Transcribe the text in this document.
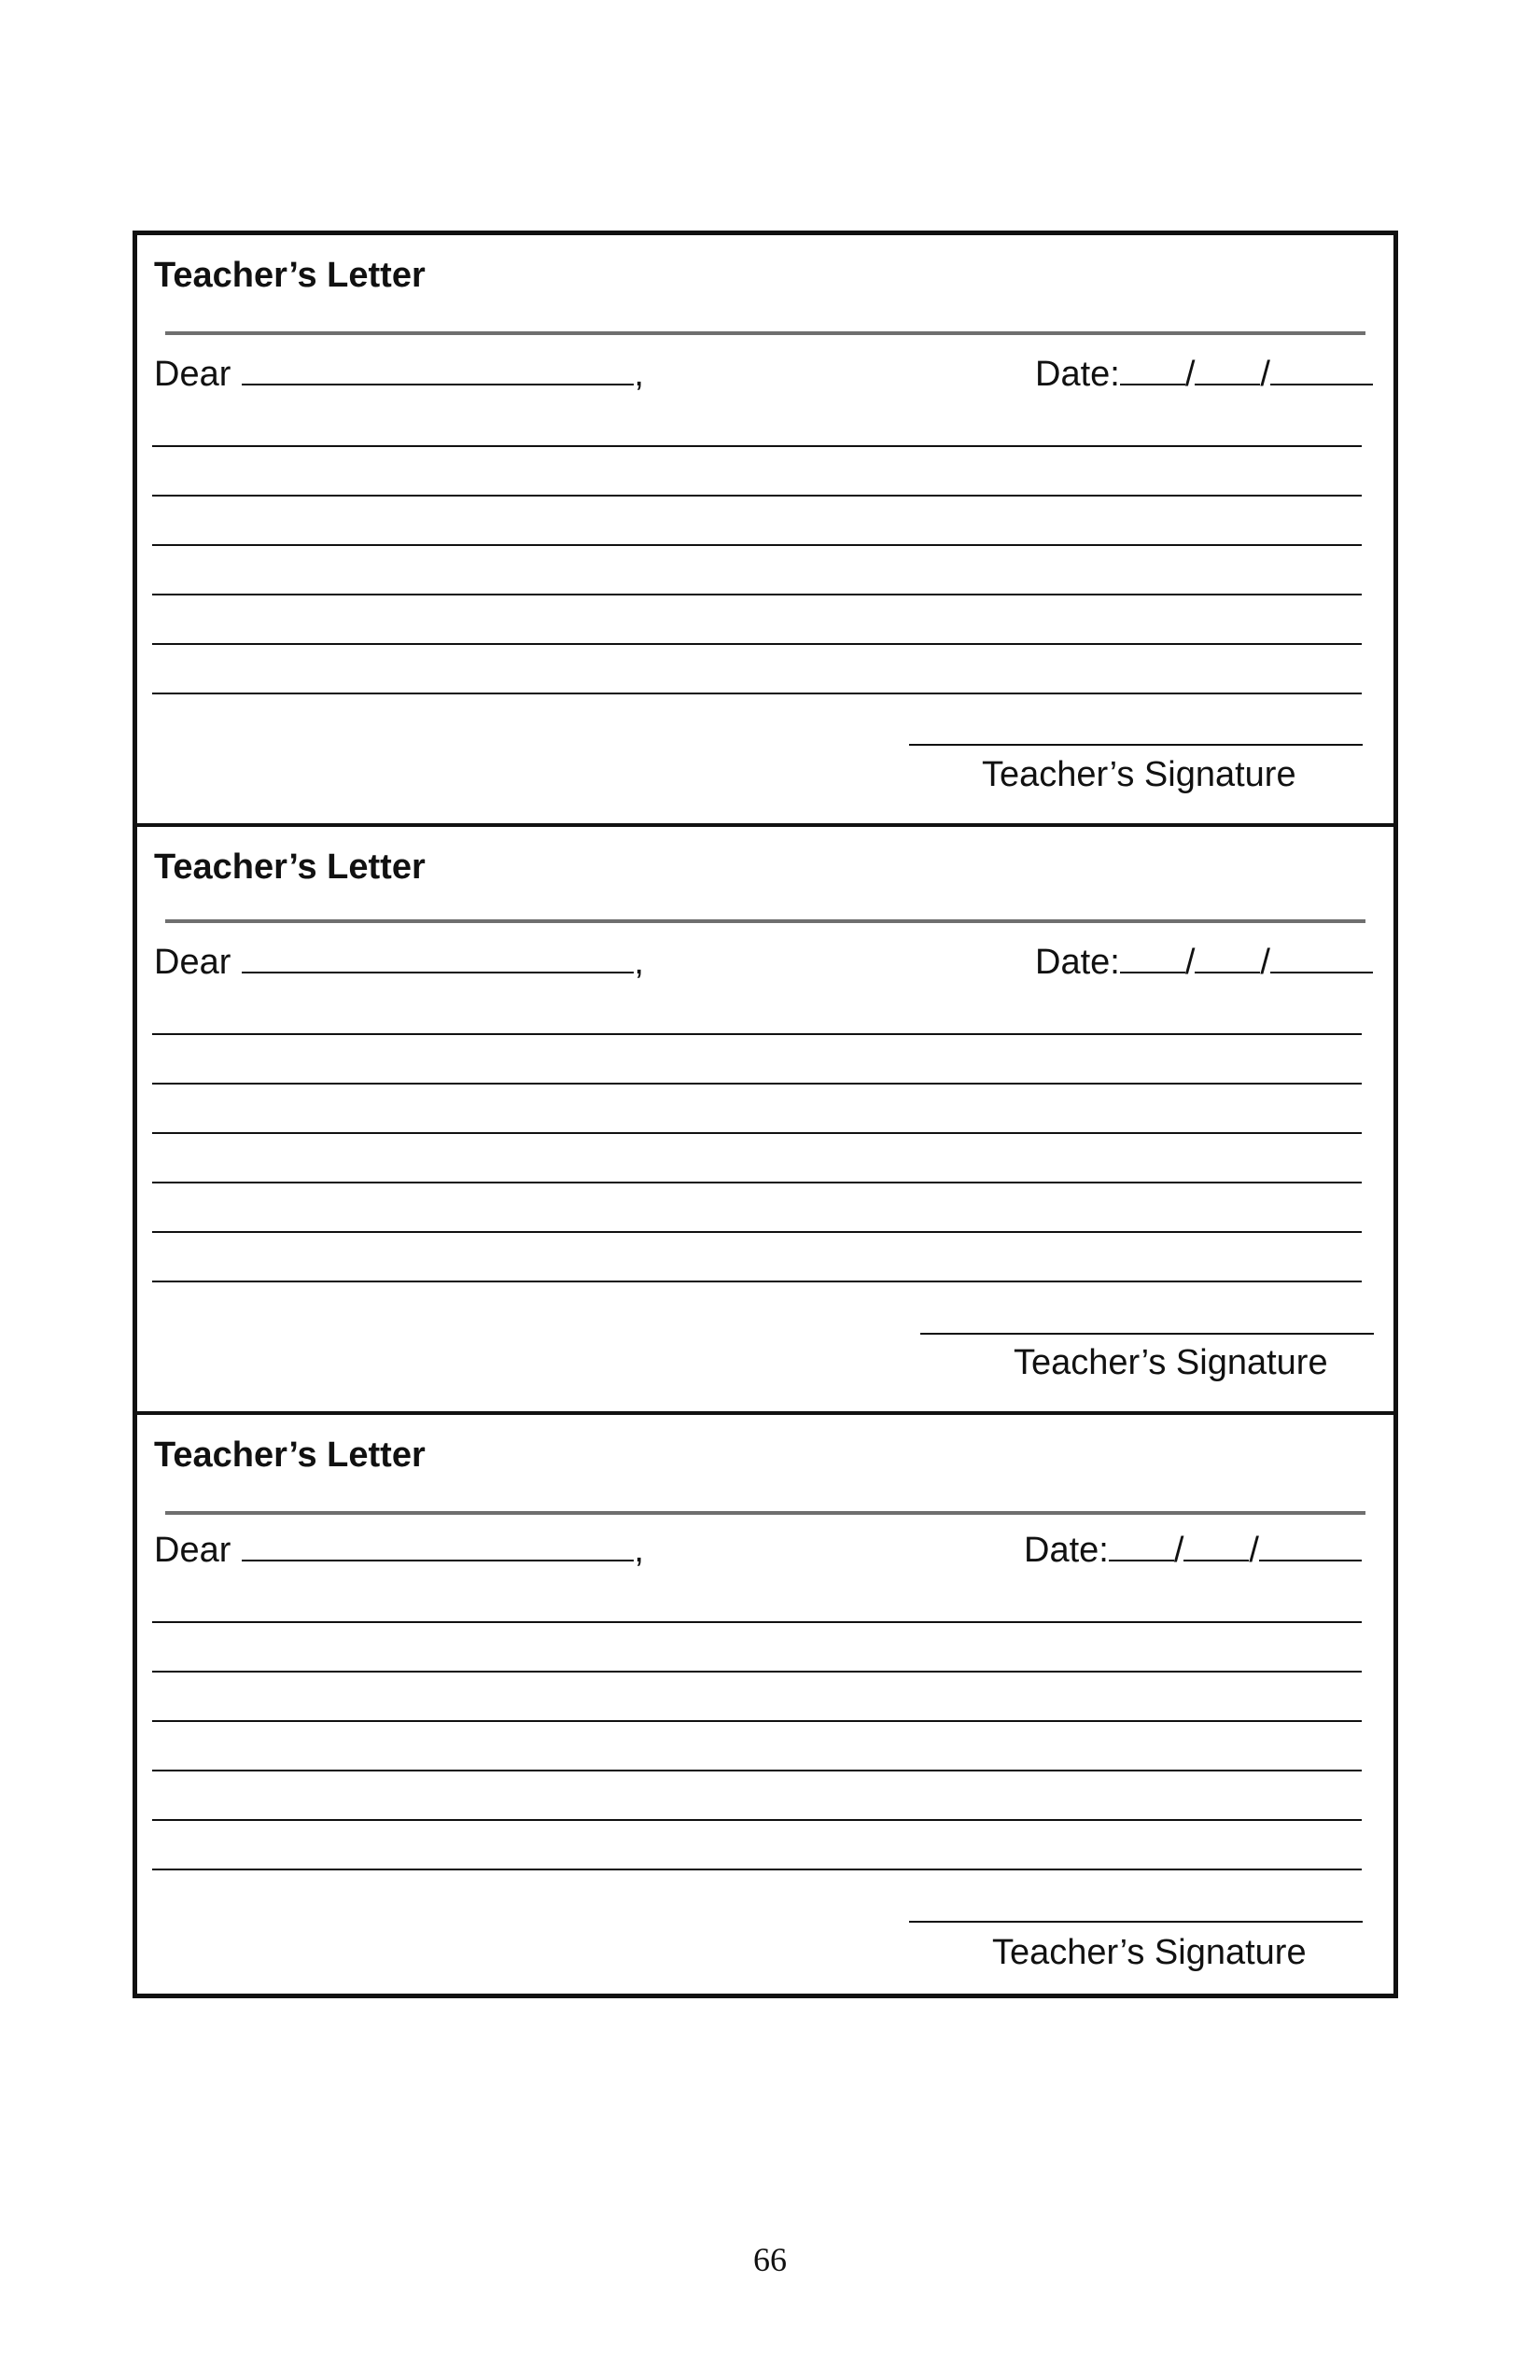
Teacher’s Letter
Dear	,	Date: / /
Teacher’s Signature
Teacher’s Letter
Dear	,	Date: / /
Teacher’s Signature
Teacher’s Letter
Dear	,	Date: / /
Teacher’s Signature
66
